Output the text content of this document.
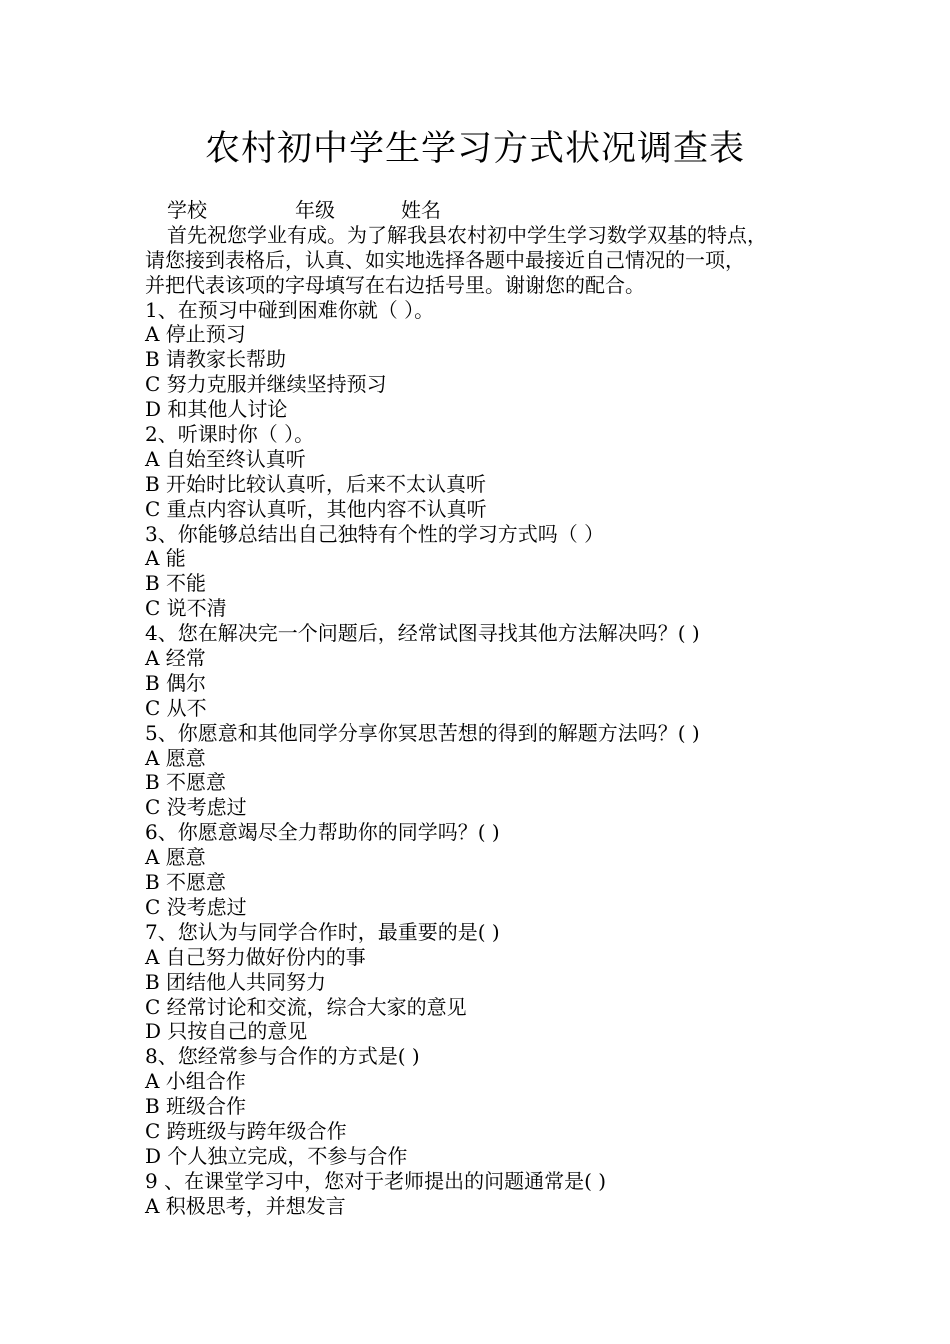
农村初中学生学习方式状况调查表
学校	年级	姓名
首先祝您学业有成。为了解我县农村初中学生学习数学双基的特点，
请您接到表格后，认真、如实地选择各题中最接近自己情况的一项，
并把代表该项的字母填写在右边括号里。谢谢您的配合。
1、在预习中碰到困难你就（ ）。
A 停止预习
B 请教家长帮助
C 努力克服并继续坚持预习
D 和其他人讨论
2、听课时你（ ）。
A 自始至终认真听
B 开始时比较认真听，后来不太认真听
C 重点内容认真听，其他内容不认真听
3、你能够总结出自己独特有个性的学习方式吗（ ）
A 能
B 不能
C 说不清
4、您在解决完一个问题后，经常试图寻找其他方法解决吗？( )
A 经常
B 偶尔
C 从不
5、你愿意和其他同学分享你冥思苦想的得到的解题方法吗？( )
A 愿意
B 不愿意
C 没考虑过
6、你愿意竭尽全力帮助你的同学吗？( )
A 愿意
B 不愿意
C 没考虑过
7、您认为与同学合作时，最重要的是( )
A 自己努力做好份内的事
B 团结他人共同努力
C 经常讨论和交流，综合大家的意见
D 只按自己的意见
8、您经常参与合作的方式是( )
A 小组合作
B 班级合作
C 跨班级与跨年级合作
D 个人独立完成，不参与合作
9 、在课堂学习中，您对于老师提出的问题通常是( )
A 积极思考，并想发言
